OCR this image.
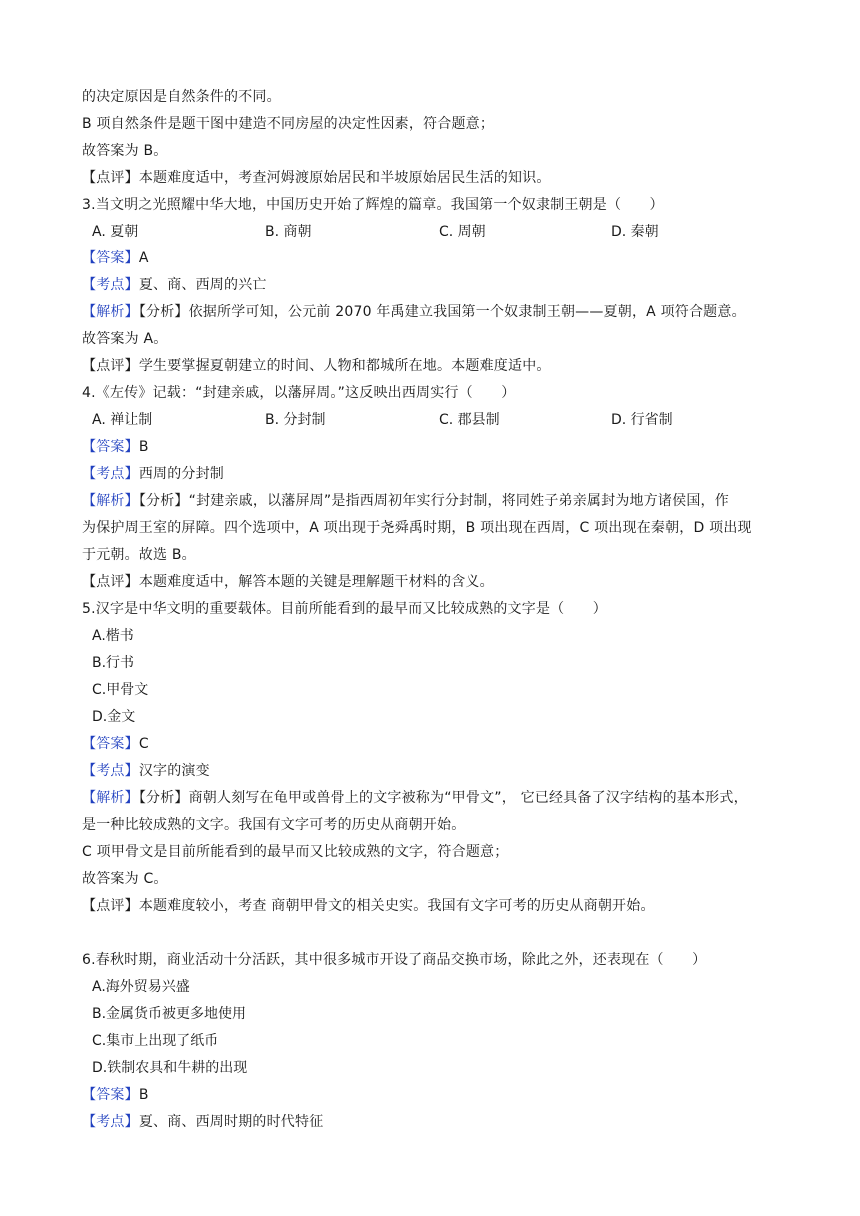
的决定原因是自然条件的不同。
B 项自然条件是题干图中建造不同房屋的决定性因素，符合题意；
故答案为 B。
【点评】本题难度适中，考查河姆渡原始居民和半坡原始居民生活的知识。
3.当文明之光照耀中华大地，中国历史开始了辉煌的篇章。我国第一个奴隶制王朝是（　　）
A. 夏朝	B. 商朝	C. 周朝	D. 秦朝
【答案】A
【考点】夏、商、西周的兴亡
【解析】【分析】依据所学可知，公元前 2070 年禹建立我国第一个奴隶制王朝——夏朝，A 项符合题意。
故答案为 A。
【点评】学生要掌握夏朝建立的时间、人物和都城所在地。本题难度适中。
4.《左传》记载：“封建亲戚，以藩屏周。”这反映出西周实行（　　）
A. 禅让制	B. 分封制	C. 郡县制	D. 行省制
【答案】B
【考点】西周的分封制
【解析】【分析】“封建亲戚，以藩屏周”是指西周初年实行分封制，将同姓子弟亲属封为地方诸侯国，作
为保护周王室的屏障。四个选项中，A 项出现于尧舜禹时期，B 项出现在西周，C 项出现在秦朝，D 项出现
于元朝。故选 B。
【点评】本题难度适中，解答本题的关键是理解题干材料的含义。
5.汉字是中华文明的重要载体。目前所能看到的最早而又比较成熟的文字是（　　）
A.楷书
B.行书
C.甲骨文
D.金文
【答案】C
【考点】汉字的演变
【解析】【分析】商朝人刻写在龟甲或兽骨上的文字被称为“甲骨文”， 它已经具备了汉字结构的基本形式，
是一种比较成熟的文字。我国有文字可考的历史从商朝开始。
C 项甲骨文是目前所能看到的最早而又比较成熟的文字，符合题意；
故答案为 C。
【点评】本题难度较小，考查 商朝甲骨文的相关史实。我国有文字可考的历史从商朝开始。
6.春秋时期，商业活动十分活跃，其中很多城市开设了商品交换市场，除此之外，还表现在（　　）
A.海外贸易兴盛
B.金属货币被更多地使用
C.集市上出现了纸币
D.铁制农具和牛耕的出现
【答案】B
【考点】夏、商、西周时期的时代特征
